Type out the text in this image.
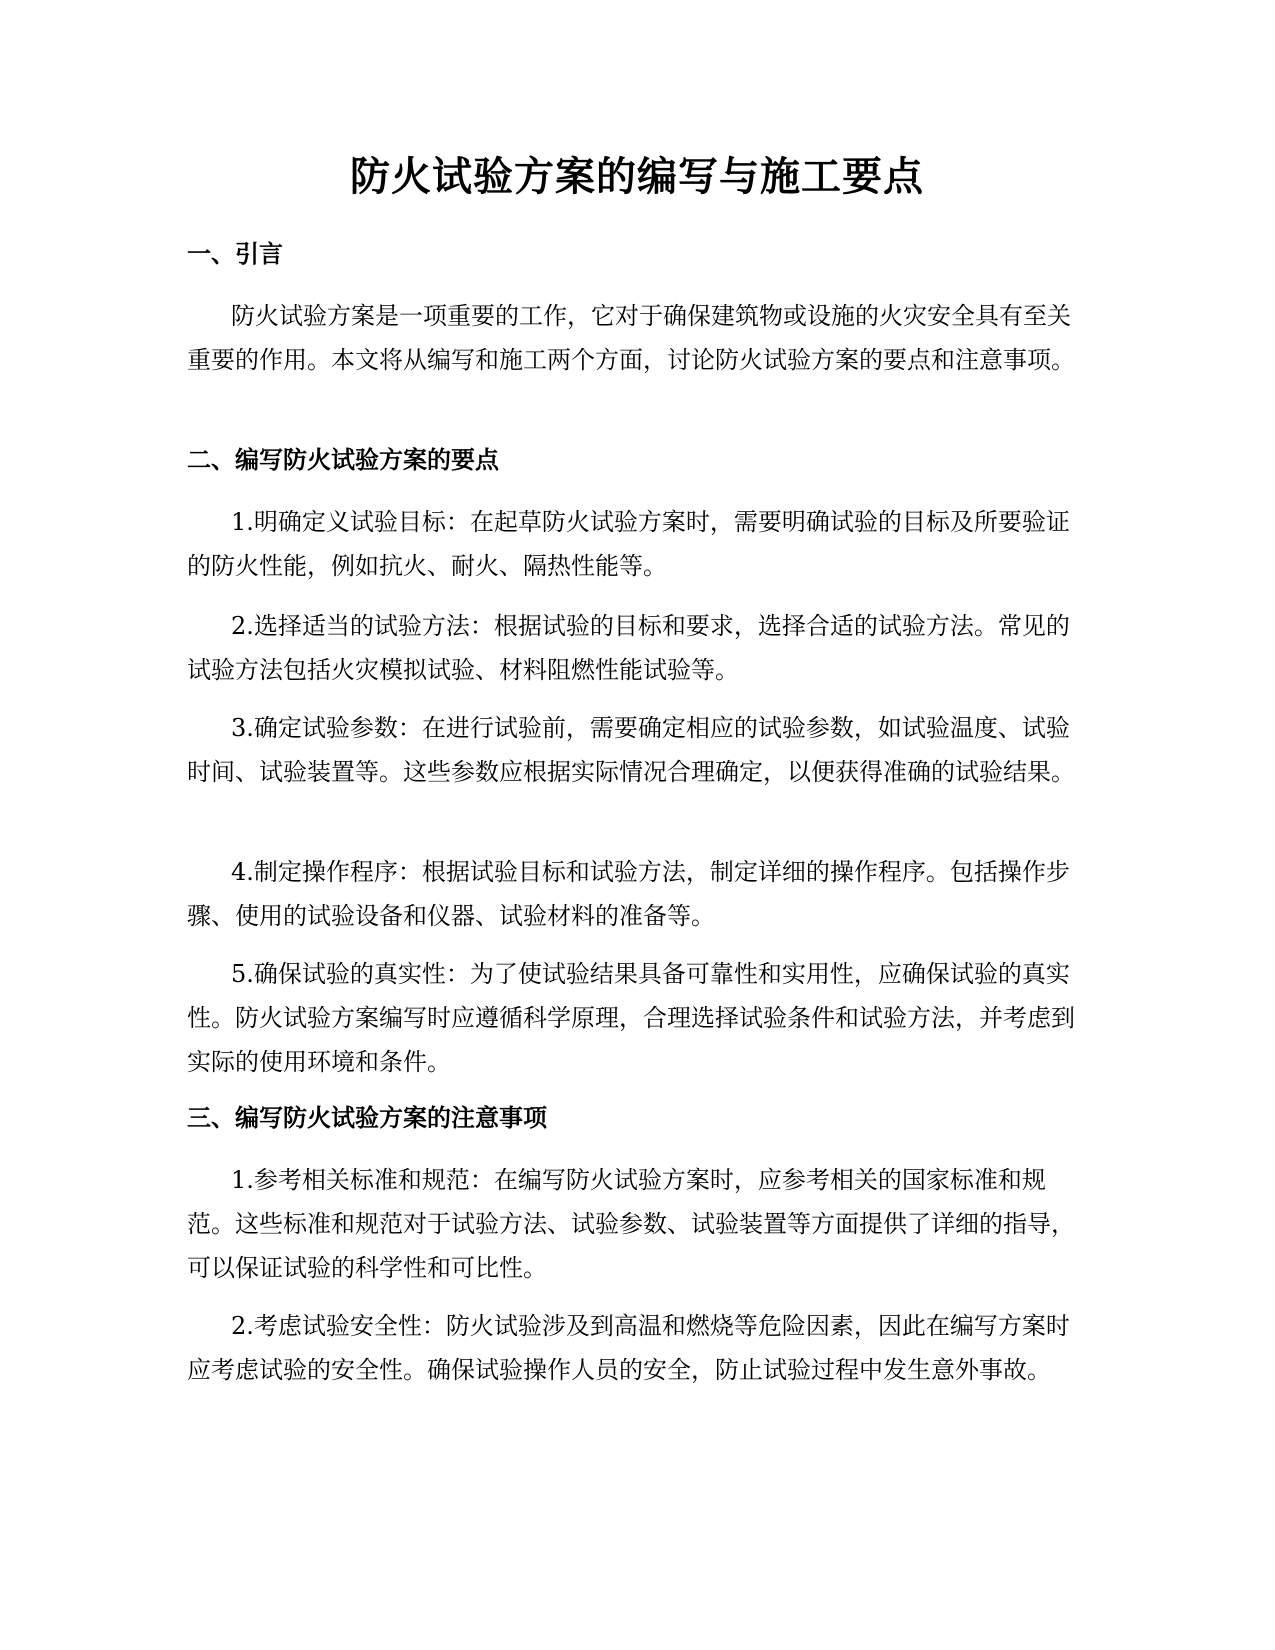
防火试验方案的编写与施工要点
一、引言

防火试验方案是一项重要的工作，它对于确保建筑物或设施的火灾安全具有至关重要的作用。本文将从编写和施工两个方面，讨论防火试验方案的要点和注意事项。

二、编写防火试验方案的要点

1.明确定义试验目标：在起草防火试验方案时，需要明确试验的目标及所要验证的防火性能，例如抗火、耐火、隔热性能等。

2.选择适当的试验方法：根据试验的目标和要求，选择合适的试验方法。常见的试验方法包括火灾模拟试验、材料阻燃性能试验等。

3.确定试验参数：在进行试验前，需要确定相应的试验参数，如试验温度、试验时间、试验装置等。这些参数应根据实际情况合理确定，以便获得准确的试验结果。

4.制定操作程序：根据试验目标和试验方法，制定详细的操作程序。包括操作步骤、使用的试验设备和仪器、试验材料的准备等。

5.确保试验的真实性：为了使试验结果具备可靠性和实用性，应确保试验的真实性。防火试验方案编写时应遵循科学原理，合理选择试验条件和试验方法，并考虑到实际的使用环境和条件。

三、编写防火试验方案的注意事项

1.参考相关标准和规范：在编写防火试验方案时，应参考相关的国家标准和规范。这些标准和规范对于试验方法、试验参数、试验装置等方面提供了详细的指导，可以保证试验的科学性和可比性。

2.考虑试验安全性：防火试验涉及到高温和燃烧等危险因素，因此在编写方案时应考虑试验的安全性。确保试验操作人员的安全，防止试验过程中发生意外事故。
